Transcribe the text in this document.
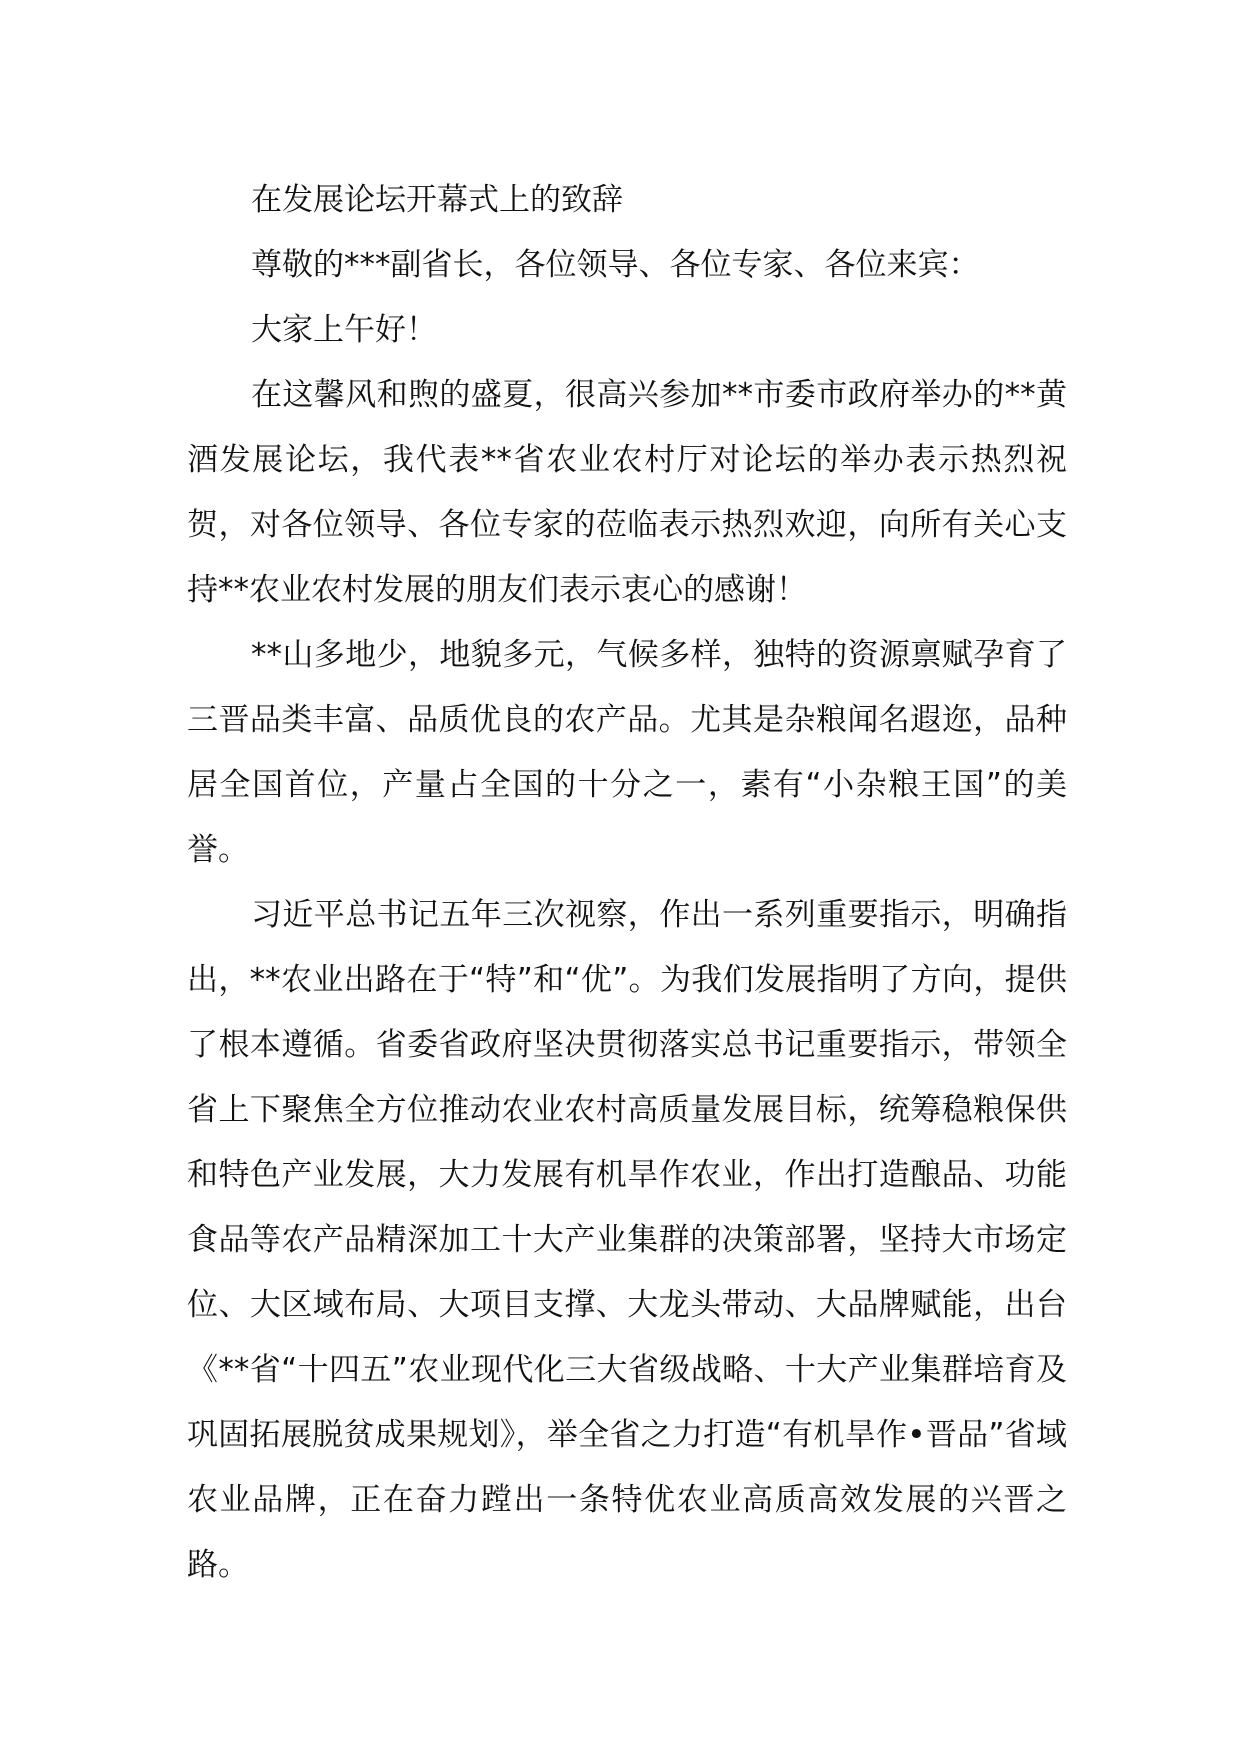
在发展论坛开幕式上的致辞

尊敬的***副省长，各位领导、各位专家、各位来宾：

大家上午好！

在这馨风和煦的盛夏，很高兴参加**市委市政府举办的**黄酒发展论坛，我代表**省农业农村厅对论坛的举办表示热烈祝贺，对各位领导、各位专家的莅临表示热烈欢迎，向所有关心支持**农业农村发展的朋友们表示衷心的感谢！

**山多地少，地貌多元，气候多样，独特的资源禀赋孕育了三晋品类丰富、品质优良的农产品。尤其是杂粮闻名遐迩，品种居全国首位，产量占全国的十分之一，素有“小杂粮王国”的美誉。

习近平总书记五年三次视察，作出一系列重要指示，明确指出，**农业出路在于“特”和“优”。为我们发展指明了方向，提供了根本遵循。省委省政府坚决贯彻落实总书记重要指示，带领全省上下聚焦全方位推动农业农村高质量发展目标，统筹稳粮保供和特色产业发展，大力发展有机旱作农业，作出打造酿品、功能食品等农产品精深加工十大产业集群的决策部署，坚持大市场定位、大区域布局、大项目支撑、大龙头带动、大品牌赋能，出台《**省“十四五”农业现代化三大省级战略、十大产业集群培育及巩固拓展脱贫成果规划》，举全省之力打造“有机旱作•晋品”省域农业品牌，正在奋力蹚出一条特优农业高质高效发展的兴晋之路。
